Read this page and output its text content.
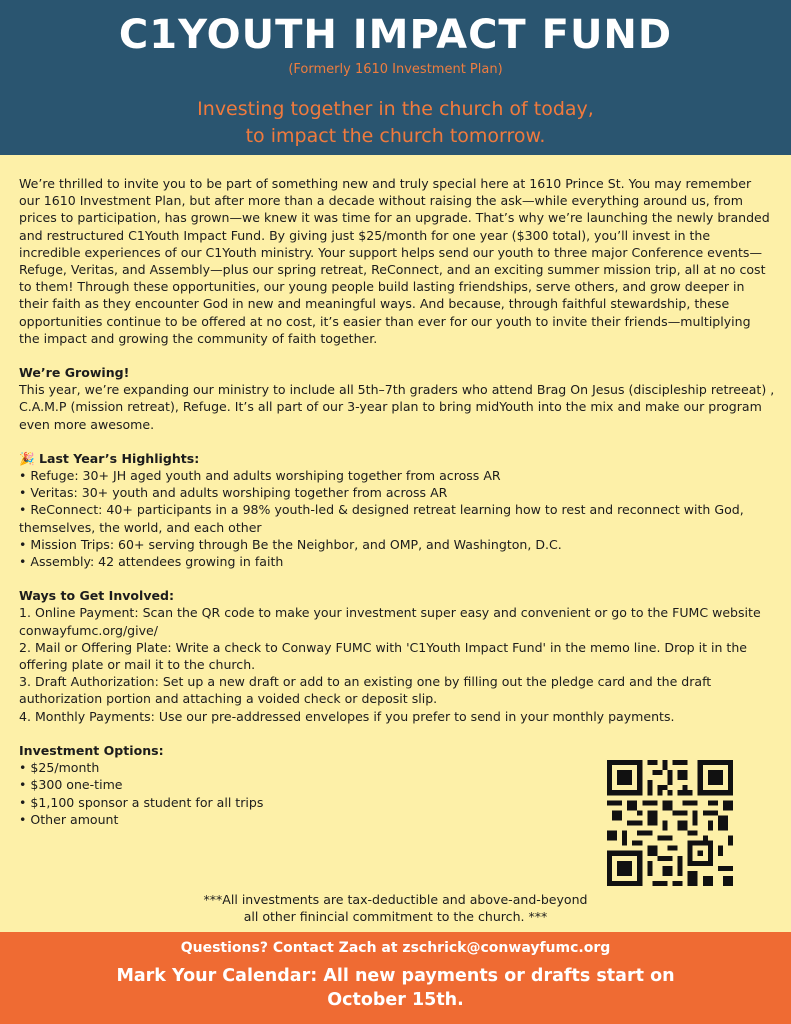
C1YOUTH IMPACT FUND
(Formerly 1610 Investment Plan)
Investing together in the church of today,
to impact the church tomorrow.

We’re thrilled to invite you to be part of something new and truly special here at 1610 Prince St. You may remember our 1610 Investment Plan, but after more than a decade without raising the ask—while everything around us, from prices to participation, has grown—we knew it was time for an upgrade. That’s why we’re launching the newly branded and restructured C1Youth Impact Fund. By giving just $25/month for one year ($300 total), you’ll invest in the incredible experiences of our C1Youth ministry. Your support helps send our youth to three major Conference events—Refuge, Veritas, and Assembly—plus our spring retreat, ReConnect, and an exciting summer mission trip, all at no cost to them! Through these opportunities, our young people build lasting friendships, serve others, and grow deeper in their faith as they encounter God in new and meaningful ways. And because, through faithful stewardship, these opportunities continue to be offered at no cost, it’s easier than ever for our youth to invite their friends—multiplying the impact and growing the community of faith together.

We’re Growing!

This year, we’re expanding our ministry to include all 5th–7th graders who attend Brag On Jesus (discipleship retreeat) , C.A.M.P (mission retreat), Refuge. It’s all part of our 3-year plan to bring midYouth into the mix and make our program even more awesome.

🎉 Last Year’s Highlights:

• Refuge: 30+ JH aged youth and adults worshiping together from across AR

• Veritas: 30+ youth and adults worshiping together from across AR

• ReConnect: 40+ participants in a 98% youth-led & designed retreat learning how to rest and reconnect with God, themselves, the world, and each other

• Mission Trips: 60+ serving through Be the Neighbor, and OMP, and Washington, D.C.

• Assembly: 42 attendees growing in faith

Ways to Get Involved:

1. Online Payment: Scan the QR code to make your investment super easy and convenient or go to the FUMC website conwayfumc.org/give/

2. Mail or Offering Plate: Write a check to Conway FUMC with 'C1Youth Impact Fund' in the memo line. Drop it in the offering plate or mail it to the church.

3. Draft Authorization: Set up a new draft or add to an existing one by filling out the pledge card and the draft authorization portion and attaching a voided check or deposit slip.

4. Monthly Payments: Use our pre-addressed envelopes if you prefer to send in your monthly payments.

Investment Options:

• $25/month

• $300 one-time

• $1,100 sponsor a student for all trips

• Other amount

***All investments are tax-deductible and above-and-beyond
all other finincial commitment to the church. ***
Questions? Contact Zach at zschrick@conwayfumc.org
Mark Your Calendar: All new payments or drafts start on
October 15th.
